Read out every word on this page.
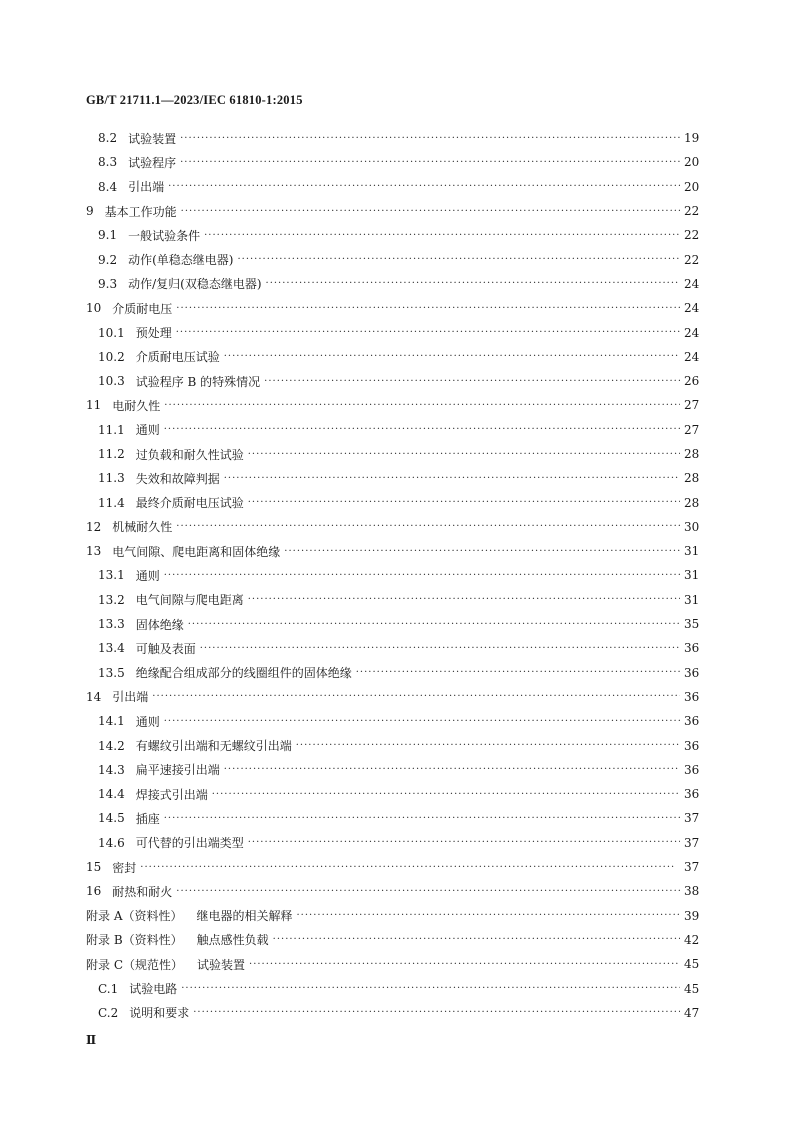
GB/T 21711.1—2023/IEC 61810-1:2015
8.2 试验装置 ·····	19
8.3 试验程序 ·····	20
8.4 引出端 ·····	20
9 基本工作功能 ·····	22
9.1 一般试验条件 ·····	22
9.2 动作(单稳态继电器) ·····	22
9.3 动作/复归(双稳态继电器) ·····	24
10 介质耐电压 ·····	24
10.1 预处理 ·····	24
10.2 介质耐电压试验 ·····	24
10.3 试验程序 B 的特殊情况 ·····	26
11 电耐久性 ·····	27
11.1 通则 ·····	27
11.2 过负载和耐久性试验 ·····	28
11.3 失效和故障判据 ·····	28
11.4 最终介质耐电压试验 ·····	28
12 机械耐久性 ·····	30
13 电气间隙、爬电距离和固体绝缘 ·····	31
13.1 通则 ·····	31
13.2 电气间隙与爬电距离 ·····	31
13.3 固体绝缘 ·····	35
13.4 可触及表面 ·····	36
13.5 绝缘配合组成部分的线圈组件的固体绝缘 ·····	36
14 引出端 ·····	36
14.1 通则 ·····	36
14.2 有螺纹引出端和无螺纹引出端 ·····	36
14.3 扁平速接引出端 ·····	36
14.4 焊接式引出端 ·····	36
14.5 插座 ·····	37
14.6 可代替的引出端类型 ·····	37
15 密封 ·····	37
16 耐热和耐火 ·····	38
附录 A（资料性） 继电器的相关解释 ·····	39
附录 B（资料性） 触点感性负载 ·····	42
附录 C（规范性） 试验装置 ·····	45
C.1 试验电路 ·····	45
C.2 说明和要求 ·····	47
Ⅱ
